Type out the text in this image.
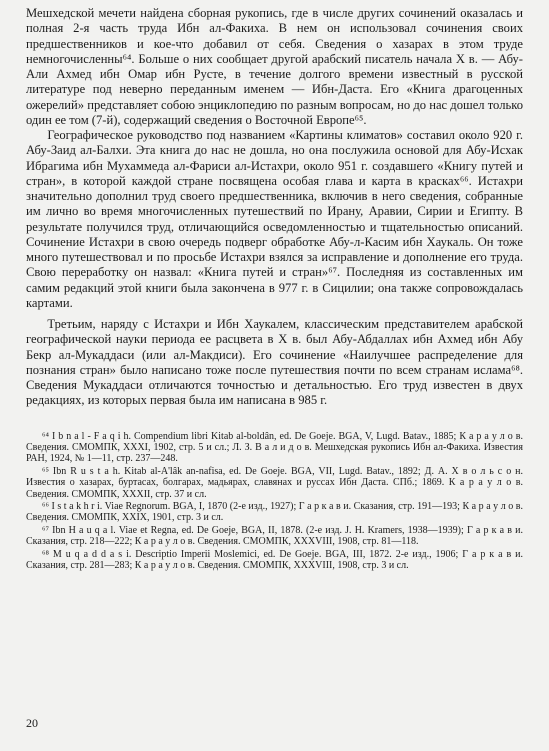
Мешхедской мечети найдена сборная рукопись, где в числе других сочинений оказалась и полная 2-я часть труда Ибн ал-Факиха. В нем он использовал сочинения своих предшественников и кое-что добавил от себя. Сведения о хазарах в этом труде немногочисленны⁶⁴. Больше о них сообщает другой арабский писатель начала X в. — Абу-Али Ахмед ибн Омар ибн Русте, в течение долгого времени известный в русской литературе под неверно переданным именем — Ибн-Даста. Его «Книга драгоценных ожерелий» представляет собою энциклопедию по разным вопросам, но до нас дошел только один ее том (7-й), содержащий сведения о Восточной Европе⁶⁵.

Географическое руководство под названием «Картины климатов» составил около 920 г. Абу-Заид ал-Балхи. Эта книга до нас не дошла, но она послужила основой для Абу-Исхак Ибрагима ибн Мухаммеда ал-Фариси ал-Истахри, около 951 г. создавшего «Книгу путей и стран», в которой каждой стране посвящена особая глава и карта в красках⁶⁶. Истахри значительно дополнил труд своего предшественника, включив в него сведения, собранные им лично во время многочисленных путешествий по Ирану, Аравии, Сирии и Египту. В результате получился труд, отличающийся осведомленностью и тщательностью описаний. Сочинение Истахри в свою очередь подверг обработке Абу-л-Касим ибн Хаукаль. Он тоже много путешествовал и по просьбе Истахри взялся за исправление и дополнение его труда. Свою переработку он назвал: «Книга путей и стран»⁶⁷. Последняя из составленных им самим редакций этой книги была закончена в 977 г. в Сицилии; она также сопровождалась картами.

Третьим, наряду с Истахри и Ибн Хаукалем, классическим представителем арабской географической науки периода ее расцвета в X в. был Абу-Абдаллах ибн Ахмед ибн Абу Бекр ал-Мукаддаси (или ал-Макдиси). Его сочинение «Наилучшее распределение для познания стран» было написано тоже после путешествия почти по всем странам ислама⁶⁸. Сведения Мукаддаси отличаются точностью и детальностью. Его труд известен в двух редакциях, из которых первая была им написана в 985 г.

⁶⁴ I b n a l - F a q i h. Compendium libri Kitab al-boldân, ed. De Goeje. BGA, V, Lugd. Batav., 1885; К а р а у л о в. Сведения. СМОМПК, XXXI, 1902, стр. 5 и сл.; Л. З. В а л и д о в. Мешхедская рукопись Ибн ал-Факиха. Известия РАН, 1924, № 1—11, стр. 237—248.

⁶⁵ Ibn R u s t a h. Kitab al-A'lâk an-nafisa, ed. De Goeje. BGA, VII, Lugd. Batav., 1892; Д. А. Х в о л ь с о н. Известия о хазарах, буртасах, болгарах, мадьярах, славянах и руссах Ибн Даста. СПб.; 1869. К а р а у л о в. Сведения. СМОМПК, XXXII, стр. 37 и сл.

⁶⁶ I s t a k h r i. Viae Regnorum. BGA, I, 1870 (2-е изд., 1927); Г а р к а в и. Сказания, стр. 191—193; К а р а у л о в. Сведения. СМОМПК, XXIX, 1901, стр. 3 и сл.

⁶⁷ Ibn H a u q a l. Viae et Regna, ed. De Goeje, BGA, II, 1878. (2-е изд. J. H. Kramers, 1938—1939); Г а р к а в и. Сказания, стр. 218—222; К а р а у л о в. Сведения. СМОМПК, XXXVIII, 1908, стр. 81—118.

⁶⁸ M u q a d d a s i. Descriptio Imperii Moslemici, ed. De Goeje. BGA, III, 1872. 2-е изд., 1906; Г а р к а в и. Сказания, стр. 281—283; К а р а у л о в. Сведения. СМОМПК, XXXVIII, 1908, стр. 3 и сл.

20
